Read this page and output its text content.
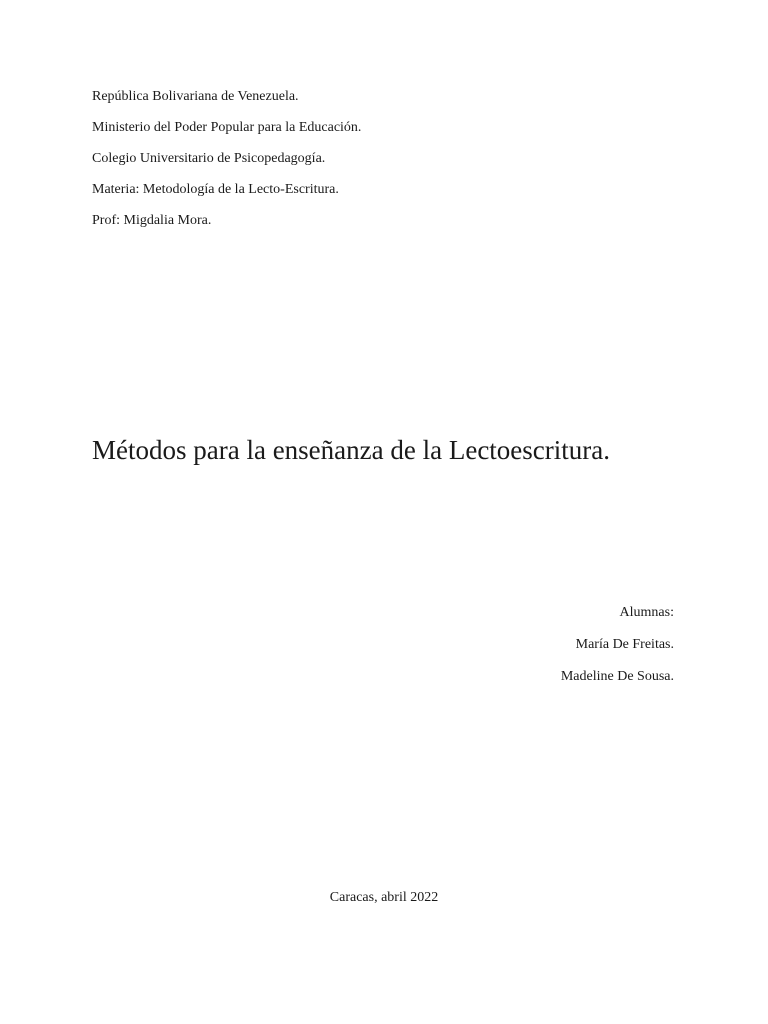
República Bolivariana de Venezuela.
Ministerio del Poder Popular para la Educación.
Colegio Universitario de Psicopedagogía.
Materia: Metodología de la Lecto-Escritura.
Prof: Migdalia Mora.
Métodos para la enseñanza de la Lectoescritura.
Alumnas:
María De Freitas.
Madeline De Sousa.
Caracas, abril 2022
